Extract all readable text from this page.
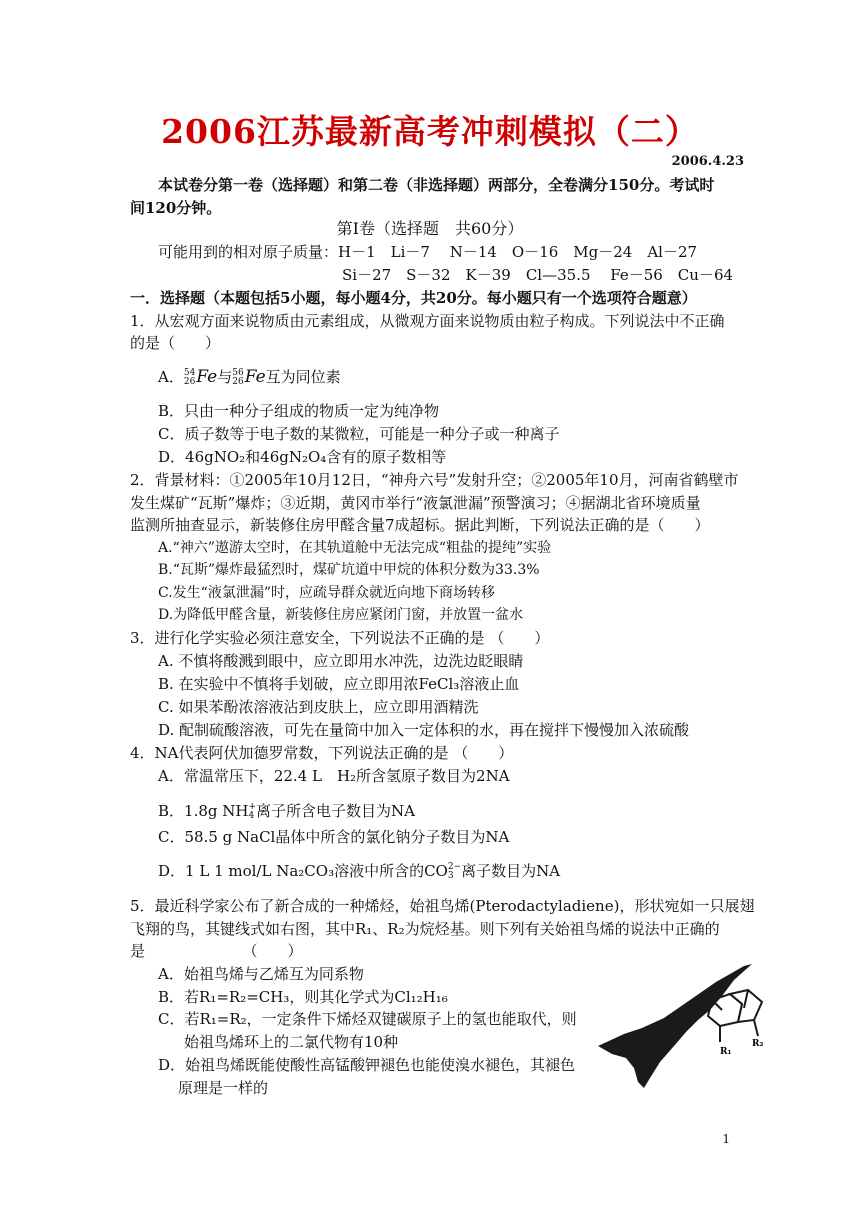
2006江苏最新高考冲刺模拟（二）
2006.4.23
本试卷分第一卷（选择题）和第二卷（非选择题）两部分，全卷满分150分。考试时
间120分钟。
第Ⅰ卷（选择题　共60分）
可能用到的相对原子质量：H－1　Li－7　 N－14　O－16　Mg－24　Al－27
Si－27　S－32　K－39　Cl—35.5　 Fe－56　Cu－64
一．选择题（本题包括5小题，每小题4分，共20分。每小题只有一个选项符合题意）
1．从宏观方面来说物质由元素组成，从微观方面来说物质由粒子构成。下列说法中不正确
的是（　　）
A．54
26Fe与56
26Fe互为同位素
B．只由一种分子组成的物质一定为纯净物
C．质子数等于电子数的某微粒，可能是一种分子或一种离子
D．46gNO₂和46gN₂O₄含有的原子数相等
2．背景材料：①2005年10月12日，“神舟六号”发射升空；②2005年10月，河南省鹤壁市
发生煤矿“瓦斯”爆炸；③近期，黄冈市举行“液氯泄漏”预警演习；④据湖北省环境质量
监测所抽查显示，新装修住房甲醛含量7成超标。据此判断，下列说法正确的是（　　）
A.“神六”遨游太空时，在其轨道舱中无法完成“粗盐的提纯”实验
B.“瓦斯”爆炸最猛烈时，煤矿坑道中甲烷的体积分数为33.3%
C.发生“液氯泄漏”时，应疏导群众就近向地下商场转移
D.为降低甲醛含量，新装修住房应紧闭门窗，并放置一盆水
3．进行化学实验必须注意安全，下列说法不正确的是 （　　）
A. 不慎将酸溅到眼中，应立即用水冲洗，边洗边眨眼睛
B. 在实验中不慎将手划破，应立即用浓FeCl₃溶液止血
C. 如果苯酚浓溶液沾到皮肤上，应立即用酒精洗
D. 配制硫酸溶液，可先在量筒中加入一定体积的水，再在搅拌下慢慢加入浓硫酸
4．NA代表阿伏加德罗常数，下列说法正确的是 （　　）
A．常温常压下，22.4 L　H₂所含氢原子数目为2NA
B．1.8g NH+
4 离子所含电子数目为NA
C．58.5 g NaCl晶体中所含的氯化钠分子数目为NA
D．1 L 1 mol/L Na₂CO₃溶液中所含的CO2−
3 离子数目为NA
5．最近科学家公布了新合成的一种烯烃，始祖鸟烯(Pterodactyladiene)，形状宛如一只展翅
飞翔的鸟，其键线式如右图，其中R₁、R₂为烷烃基。则下列有关始祖鸟烯的说法中正确的
是　　　　　　　（　　）
A．始祖鸟烯与乙烯互为同系物
B．若R₁=R₂=CH₃，则其化学式为Cl₁₂H₁₆
C．若R₁=R₂，一定条件下烯烃双键碳原子上的氢也能取代，则
始祖鸟烯环上的二氯代物有10种
D．始祖鸟烯既能使酸性高锰酸钾褪色也能使溴水褪色，其褪色
原理是一样的
R₁
R₂
1
